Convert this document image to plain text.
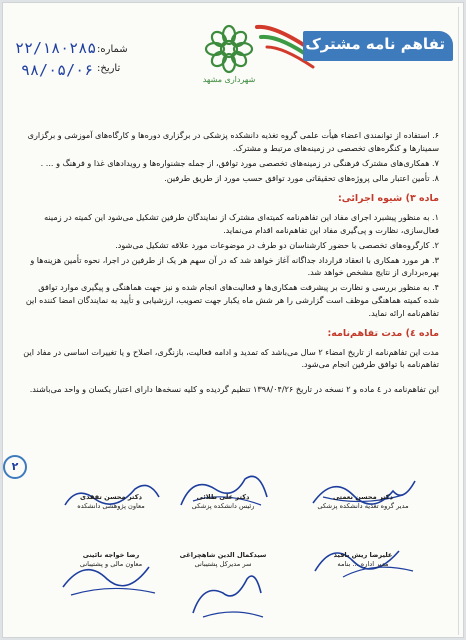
شماره:
۲۲/۱۸۰۲۸۵
تاریخ:
۹۸/۰۵/۰۶
شهرداری مشهد
تفاهم نامه مشترک
۶. استفاده از توانمندی اعضاء هیأت علمی گروه تغذیه دانشکده پزشکی در برگزاری دوره‌ها و کارگاه‌های آموزشی و برگزاری سمینارها و کنگره‌های تخصصی در زمینه‌های مرتبط و مشترک.
۷. همکاری‌های مشترک فرهنگی در زمینه‌های تخصصی مورد توافق، از جمله جشنواره‌ها و رویدادهای غذا و فرهنگ و ... .
۸. تأمین اعتبار مالی پروژه‌های تحقیقاتی مورد توافق حسب مورد از طریق طرفین.
ماده ۳) شیوه اجرائی:
۱. به منظور پیشبرد اجرای مفاد این تفاهم‌نامه کمیته‌ای مشترک از نمایندگان طرفین تشکیل می‌شود این کمیته در زمینه فعال‌سازی، نظارت و پی‌گیری مفاد این تفاهم‌نامه اقدام می‌نماید.
۲. کارگروه‌های تخصصی با حضور کارشناسان دو طرف در موضوعات مورد علاقه تشکیل می‌شود.
۳. هر مورد همکاری با انعقاد قرارداد جداگانه آغاز خواهد شد که در آن سهم هر یک از طرفین در اجرا، نحوه تأمین هزینه‌ها و بهره‌برداری از نتایج مشخص خواهد شد.
۴. به منظور بررسی و نظارت بر پیشرفت همکاری‌ها و فعالیت‌های انجام شده و نیز جهت هماهنگی و پیگیری موارد توافق شده کمیته هماهنگی موظف است گزارشی را هر شش ماه یکبار جهت تصویب، ارزشیابی و تأیید به نمایندگان امضا کننده این تفاهم‌نامه ارائه نماید.
ماده ٤) مدت تفاهم‌نامه:
مدت این تفاهم‌نامه از تاریخ امضاء ۲ سال می‌باشد که تمدید و ادامه فعالیت، بازنگری، اصلاح و یا تغییرات اساسی در مفاد این تفاهم‌نامه با توافق طرفین انجام می‌شود.
این تفاهم‌نامه در ٤ ماده و ۲ نسخه در تاریخ ۱۳۹۸/۰۴/۲۶ تنظیم گردیده و کلیه نسخه‌ها دارای اعتبار یکسان و واحد می‌باشند.
۲
دکتر محسن نعمتی
مدیر گروه تغذیه دانشکده پزشکی
دکتر علی طلائی
رئیس دانشکده پزشکی
دکتر محسن تفقدی
معاون پژوهشی دانشکده
علیرضا ریش بافید
مدیر اداره ... بنامه
سیدکمال الدین شاهچراغی
سر مدیرکل پشتیبانی
رضا خواجه نائینی
معاون مالی و پشتیبانی
